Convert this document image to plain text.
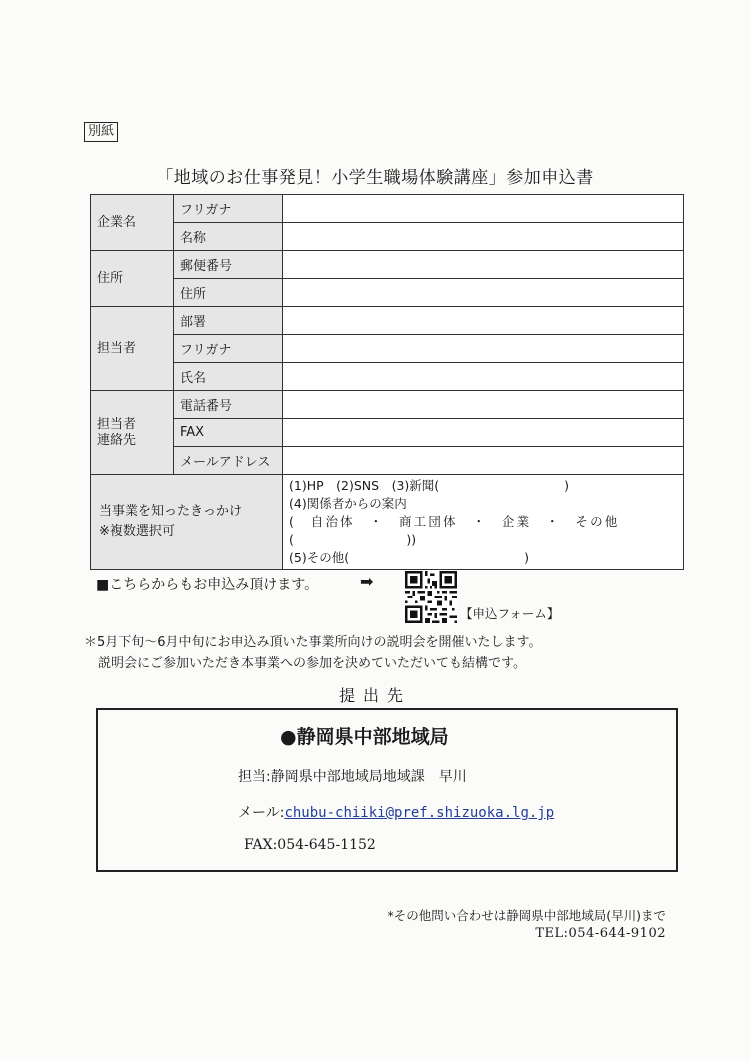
別紙
「地域のお仕事発見！小学生職場体験講座」参加申込書
企業名	フリガナ	
	名称	
住所	郵便番号	
	住所	
担当者	部署	
	フリガナ	
	氏名	
担当者
連絡先	電話番号	
	FAX	
	メールアドレス	
当事業を知ったきっかけ
※複数選択可		(1)HP　(2)SNS　(3)新聞(　　　　　　　　　　)
(4)関係者からの案内
(　自治体　・　商工団体　・　企業　・　その他
(　　　　　　　　　))
(5)その他(　　　　　　　　　　　　　　)
■こちらからもお申込み頂けます。	➡
【申込フォーム】
＊5月下旬～6月中旬にお申込み頂いた事業所向けの説明会を開催いたします。
説明会にご参加いただき本事業への参加を決めていただいても結構です。
提出先
●静岡県中部地域局
担当:静岡県中部地域局地域課　早川
メール:chubu-chiiki@pref.shizuoka.lg.jp
FAX:054-645-1152
*その他問い合わせは静岡県中部地域局(早川)まで
TEL:054-644-9102
